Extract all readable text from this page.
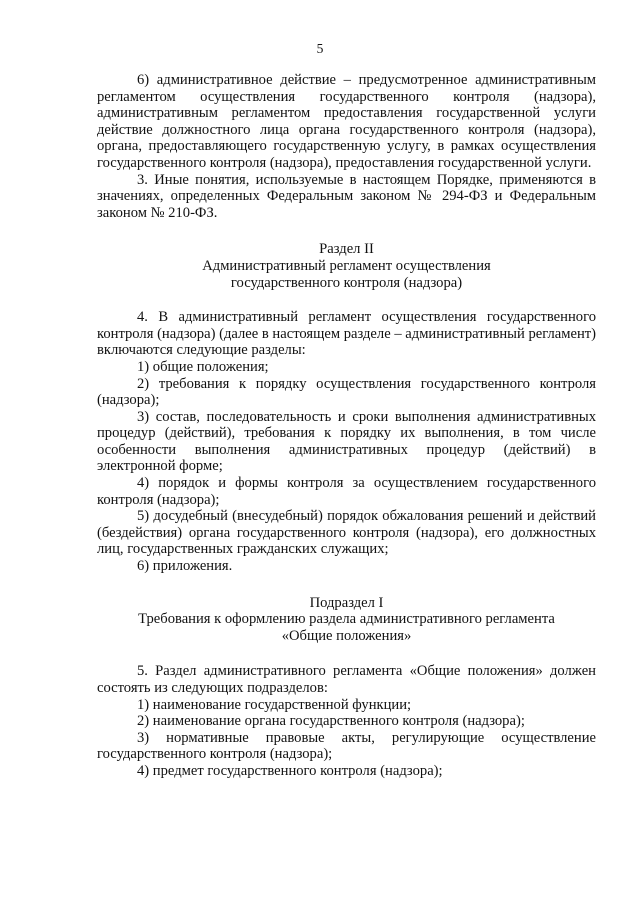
5

6) административное действие – предусмотренное административным регламентом осуществления государственного контроля (надзора), административным регламентом предоставления государственной услуги действие должностного лица органа государственного контроля (надзора), органа, предоставляющего государственную услугу, в рамках осуществления государственного контроля (надзора), предоставления государственной услуги.

3. Иные понятия, используемые в настоящем Порядке, применяются в значениях, определенных Федеральным законом № 294-ФЗ и Федеральным законом № 210-ФЗ.

Раздел II

Административный регламент осуществления

государственного контроля (надзора)

4. В административный регламент осуществления государственного контроля (надзора) (далее в настоящем разделе – административный регламент) включаются следующие разделы:

1) общие положения;

2) требования к порядку осуществления государственного контроля (надзора);

3) состав, последовательность и сроки выполнения административных процедур (действий), требования к порядку их выполнения, в том числе особенности выполнения административных процедур (действий) в электронной форме;

4) порядок и формы контроля за осуществлением государственного контроля (надзора);

5) досудебный (внесудебный) порядок обжалования решений и действий (бездействия) органа государственного контроля (надзора), его должностных лиц, государственных гражданских служащих;

6) приложения.

Подраздел I

Требования к оформлению раздела административного регламента

«Общие положения»

5. Раздел административного регламента «Общие положения» должен состоять из следующих подразделов:

1) наименование государственной функции;

2) наименование органа государственного контроля (надзора);

3) нормативные правовые акты, регулирующие осуществление государственного контроля (надзора);

4) предмет государственного контроля (надзора);
